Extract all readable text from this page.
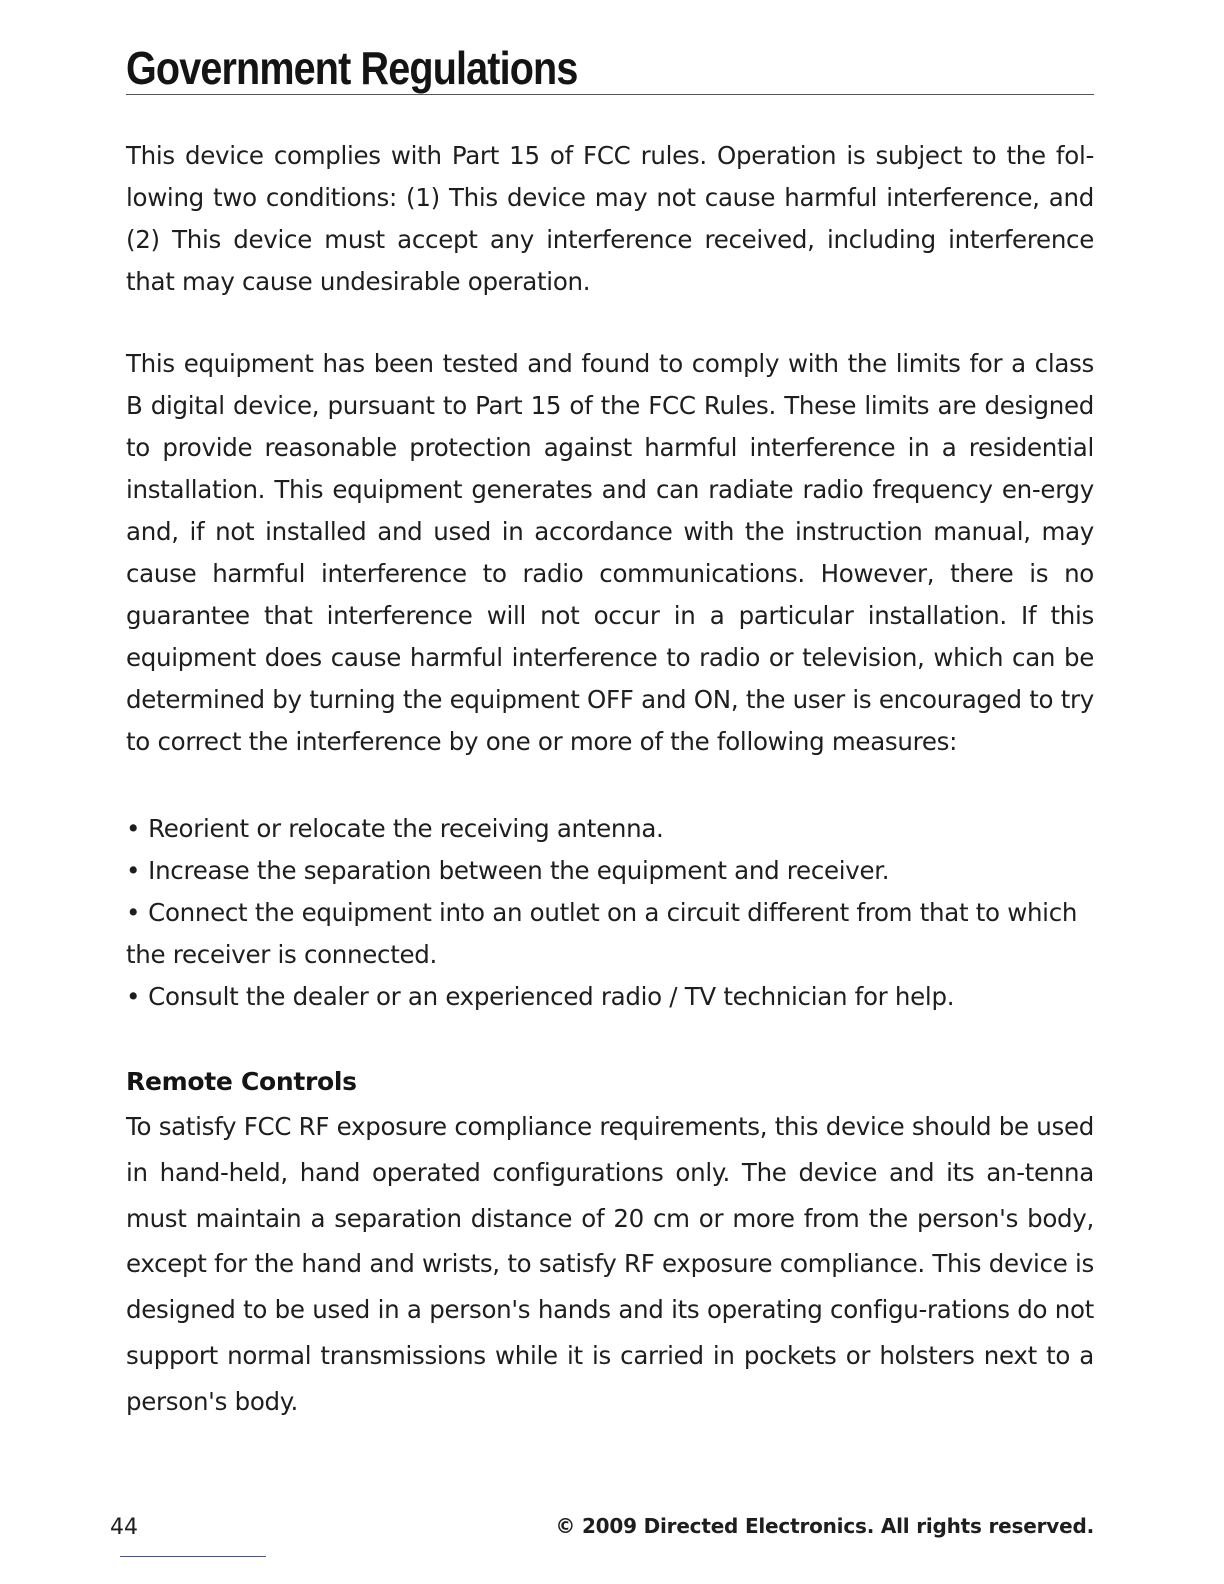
Government Regulations

This device complies with Part 15 of FCC rules. Operation is subject to the fol-lowing two conditions: (1) This device may not cause harmful interference, and (2) This device must accept any interference received, including interference that may cause undesirable operation.

This equipment has been tested and found to comply with the limits for a class B digital device, pursuant to Part 15 of the FCC Rules. These limits are designed to provide reasonable protection against harmful interference in a residential installation. This equipment generates and can radiate radio frequency en-ergy and, if not installed and used in accordance with the instruction manual, may cause harmful interference to radio communications. However, there is no guarantee that interference will not occur in a particular installation. If this equipment does cause harmful interference to radio or television, which can be determined by turning the equipment OFF and ON, the user is encouraged to try to correct the interference by one or more of the following measures:

• Reorient or relocate the receiving antenna.
• Increase the separation between the equipment and receiver.
• Connect the equipment into an outlet on a circuit different from that to which the receiver is connected.
• Consult the dealer or an experienced radio / TV technician for help.
Remote Controls

To satisfy FCC RF exposure compliance requirements, this device should be used in hand-held, hand operated configurations only. The device and its an-tenna must maintain a separation distance of 20 cm or more from the person's body, except for the hand and wrists, to satisfy RF exposure compliance. This device is designed to be used in a person's hands and its operating configu-rations do not support normal transmissions while it is carried in pockets or holsters next to a person's body.

44	© 2009 Directed Electronics. All rights reserved.
